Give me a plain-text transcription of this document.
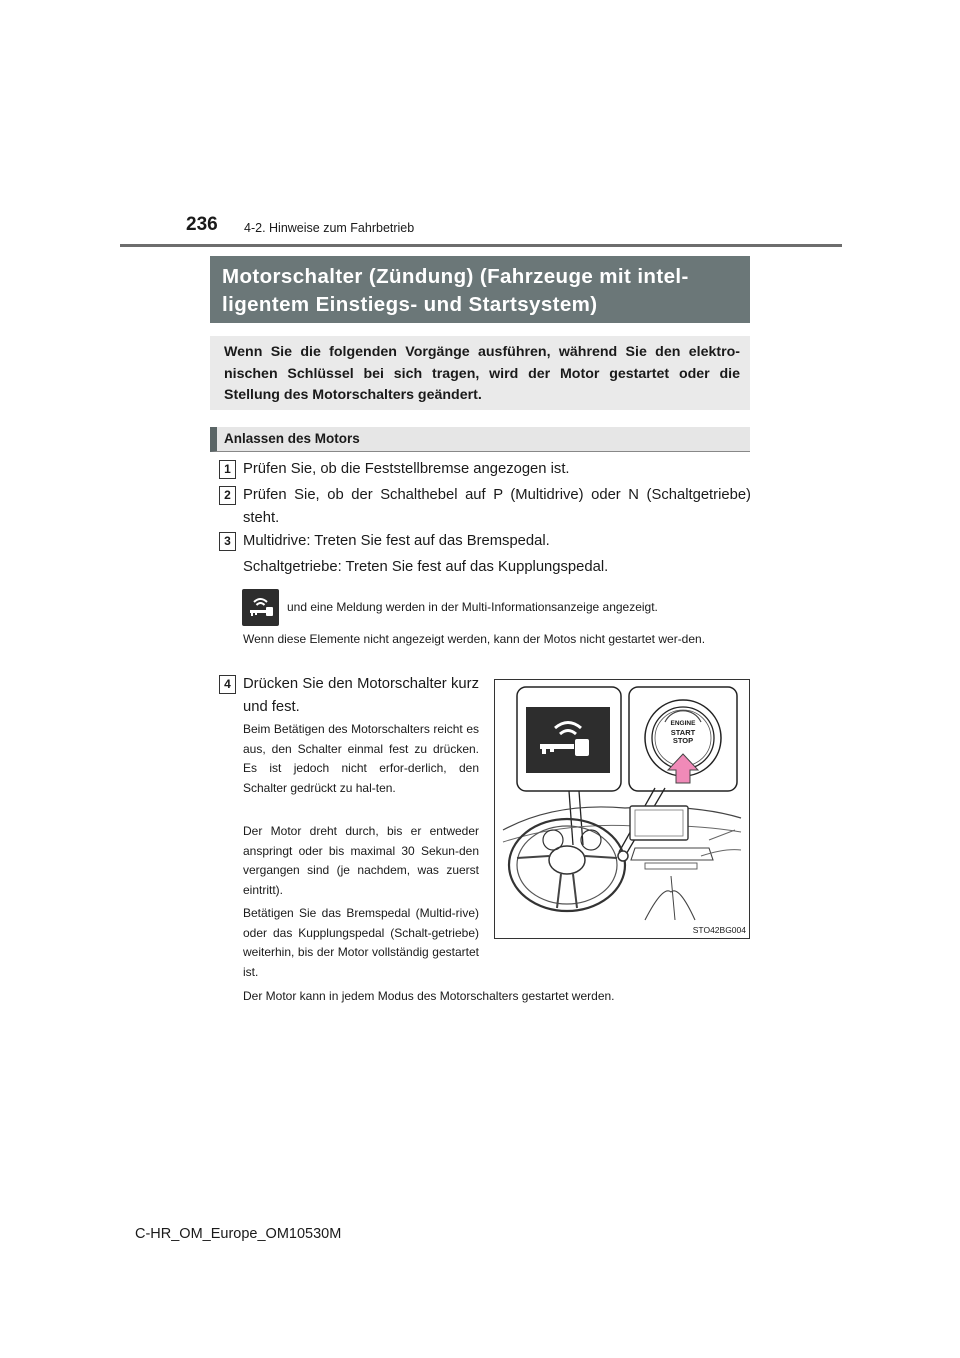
236 4-2. Hinweise zum Fahrbetrieb
Motorschalter (Zündung) (Fahrzeuge mit intel-
ligentem Einstiegs- und Startsystem)
Wenn Sie die folgenden Vorgänge ausführen, während Sie den elektro-nischen Schlüssel bei sich tragen, wird der Motor gestartet oder die Stellung des Motorschalters geändert.
Anlassen des Motors
1 Prüfen Sie, ob die Feststellbremse angezogen ist.
2 Prüfen Sie, ob der Schalthebel auf P (Multidrive) oder N (Schaltgetriebe) steht.
3 Multidrive: Treten Sie fest auf das Bremspedal.
Schaltgetriebe: Treten Sie fest auf das Kupplungspedal.
und eine Meldung werden in der Multi-Informationsanzeige angezeigt.
Wenn diese Elemente nicht angezeigt werden, kann der Motos nicht gestartet wer-den.
4 Drücken Sie den Motorschalter kurz und fest.
Beim Betätigen des Motorschalters reicht es aus, den Schalter einmal fest zu drücken. Es ist jedoch nicht erfor-derlich, den Schalter gedrückt zu hal-ten.
Der Motor dreht durch, bis er entweder anspringt oder bis maximal 30 Sekun-den vergangen sind (je nachdem, was zuerst eintritt).
Betätigen Sie das Bremspedal (Multid-rive) oder das Kupplungspedal (Schalt-getriebe) weiterhin, bis der Motor vollständig gestartet ist.
Der Motor kann in jedem Modus des Motorschalters gestartet werden.
ENGINE
START
STOP
STO42BG004
C-HR_OM_Europe_OM10530M
